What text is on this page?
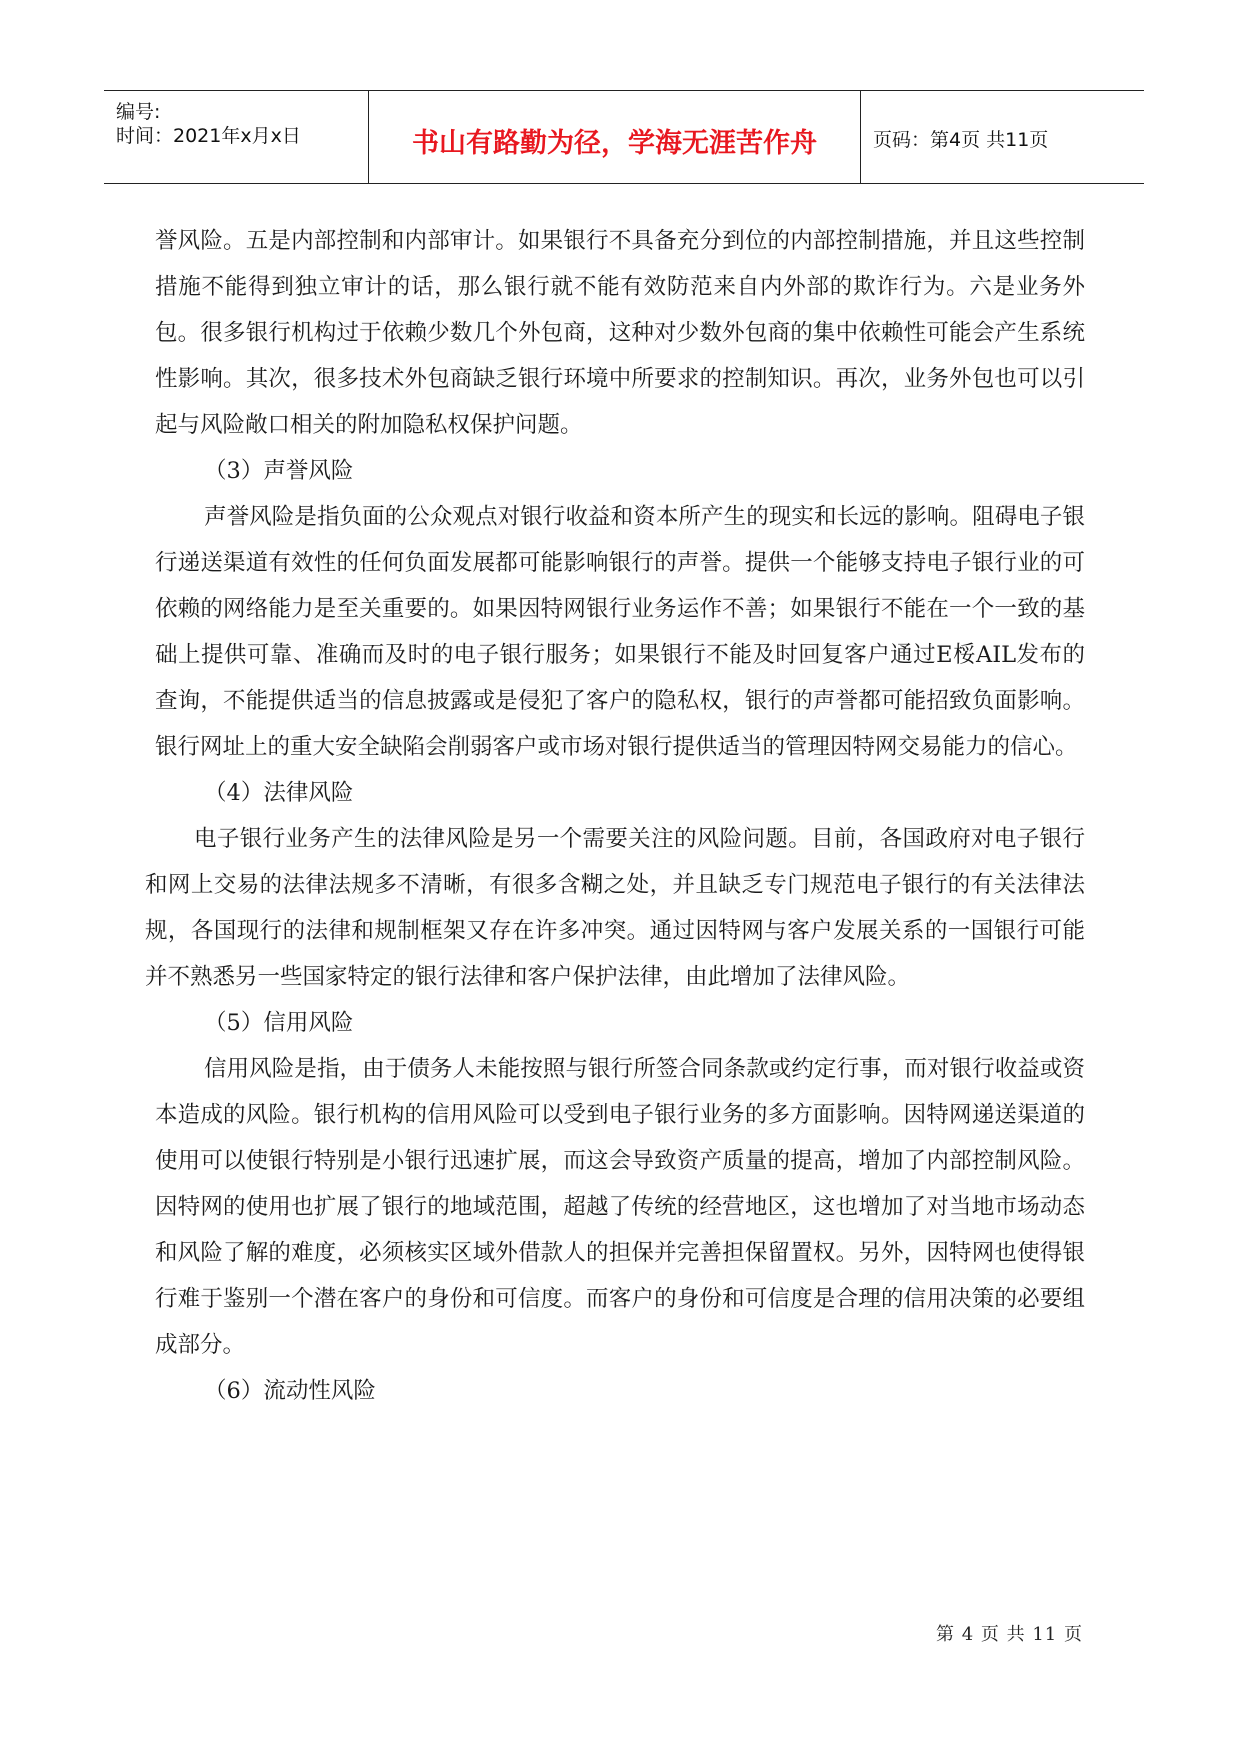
编号:
时间：2021年x月x日	书山有路勤为径，学海无涯苦作舟	页码：第4页 共11页

誉风险。五是内部控制和内部审计。如果银行不具备充分到位的内部控制措施，并且这些控制措施不能得到独立审计的话，那么银行就不能有效防范来自内外部的欺诈行为。六是业务外包。很多银行机构过于依赖少数几个外包商，这种对少数外包商的集中依赖性可能会产生系统性影响。其次，很多技术外包商缺乏银行环境中所要求的控制知识。再次，业务外包也可以引起与风险敞口相关的附加隐私权保护问题。

（3）声誉风险

声誉风险是指负面的公众观点对银行收益和资本所产生的现实和长远的影响。阻碍电子银行递送渠道有效性的任何负面发展都可能影响银行的声誉。提供一个能够支持电子银行业的可依赖的网络能力是至关重要的。如果因特网银行业务运作不善；如果银行不能在一个一致的基础上提供可靠、准确而及时的电子银行服务；如果银行不能及时回复客户通过E桵AIL发布的查询，不能提供适当的信息披露或是侵犯了客户的隐私权，银行的声誉都可能招致负面影响。银行网址上的重大安全缺陷会削弱客户或市场对银行提供适当的管理因特网交易能力的信心。

（4）法律风险

电子银行业务产生的法律风险是另一个需要关注的风险问题。目前，各国政府对电子银行和网上交易的法律法规多不清晰，有很多含糊之处，并且缺乏专门规范电子银行的有关法律法规，各国现行的法律和规制框架又存在许多冲突。通过因特网与客户发展关系的一国银行可能并不熟悉另一些国家特定的银行法律和客户保护法律，由此增加了法律风险。

（5）信用风险

信用风险是指，由于债务人未能按照与银行所签合同条款或约定行事，而对银行收益或资本造成的风险。银行机构的信用风险可以受到电子银行业务的多方面影响。因特网递送渠道的使用可以使银行特别是小银行迅速扩展，而这会导致资产质量的提高，增加了内部控制风险。因特网的使用也扩展了银行的地域范围，超越了传统的经营地区，这也增加了对当地市场动态和风险了解的难度，必须核实区域外借款人的担保并完善担保留置权。另外，因特网也使得银行难于鉴别一个潜在客户的身份和可信度。而客户的身份和可信度是合理的信用决策的必要组成部分。

（6）流动性风险

第 4 页 共 11 页
